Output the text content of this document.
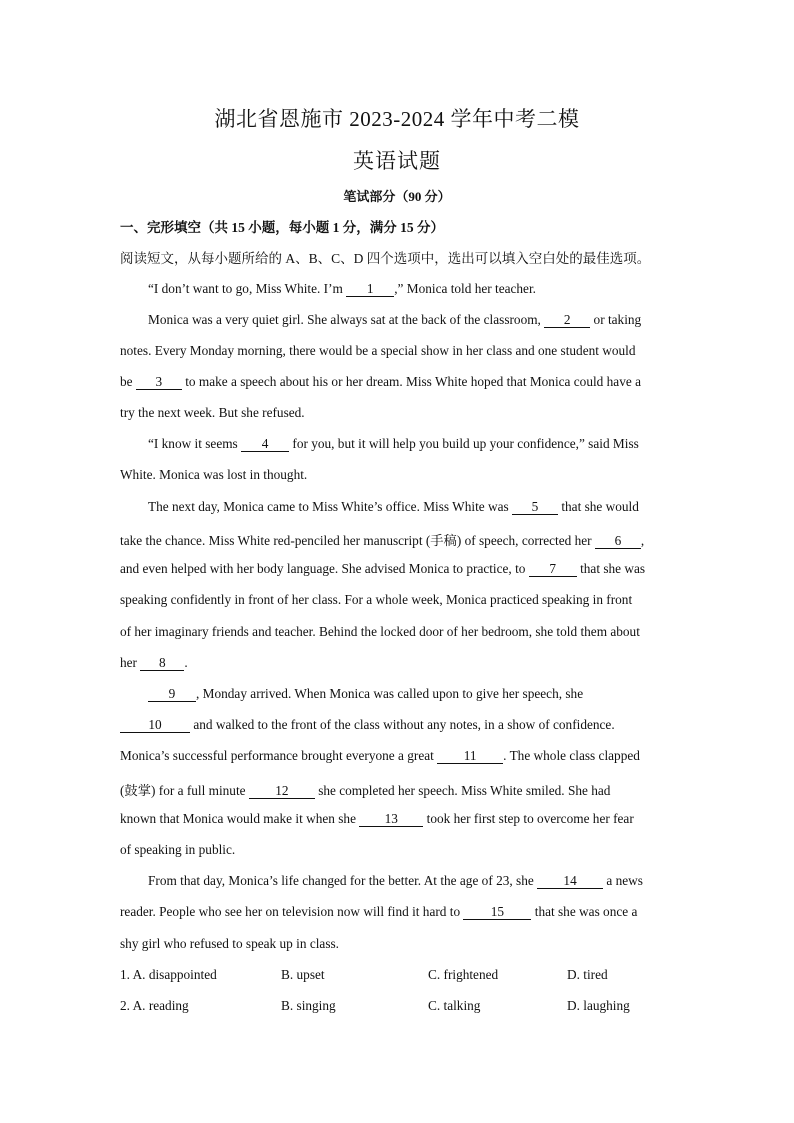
湖北省恩施市 2023-2024 学年中考二模
英语试题
笔试部分（90 分）
一、完形填空（共 15 小题，每小题 1 分，满分 15 分）
阅读短文，从每小题所给的 A、B、C、D 四个选项中，选出可以填入空白处的最佳选项。
“I don’t want to go, Miss White. I’m 1 ,” Monica told her teacher.
Monica was a very quiet girl. She always sat at the back of the classroom, 2 or taking
notes. Every Monday morning, there would be a special show in her class and one student would
be 3 to make a speech about his or her dream. Miss White hoped that Monica could have a
try the next week. But she refused.
“I know it seems 4 for you, but it will help you build up your confidence,” said Miss
White. Monica was lost in thought.
The next day, Monica came to Miss White’s office. Miss White was 5 that she would
take the chance. Miss White red-penciled her manuscript (手稿) of speech, corrected her 6 ,
and even helped with her body language. She advised Monica to practice, to 7 that she was
speaking confidently in front of her class. For a whole week, Monica practiced speaking in front
of her imaginary friends and teacher. Behind the locked door of her bedroom, she told them about
her 8 .
9 , Monday arrived. When Monica was called upon to give her speech, she
10 and walked to the front of the class without any notes, in a show of confidence.
Monica’s successful performance brought everyone a great 11 . The whole class clapped
(鼓掌) for a full minute 12 she completed her speech. Miss White smiled. She had
known that Monica would make it when she 13 took her first step to overcome her fear
of speaking in public.
From that day, Monica’s life changed for the better. At the age of 23, she 14 a news
reader. People who see her on television now will find it hard to 15 that she was once a
shy girl who refused to speak up in class.
1. A. disappointed	B. upset	C. frightened	D. tired
2. A. reading	B. singing	C. talking	D. laughing
